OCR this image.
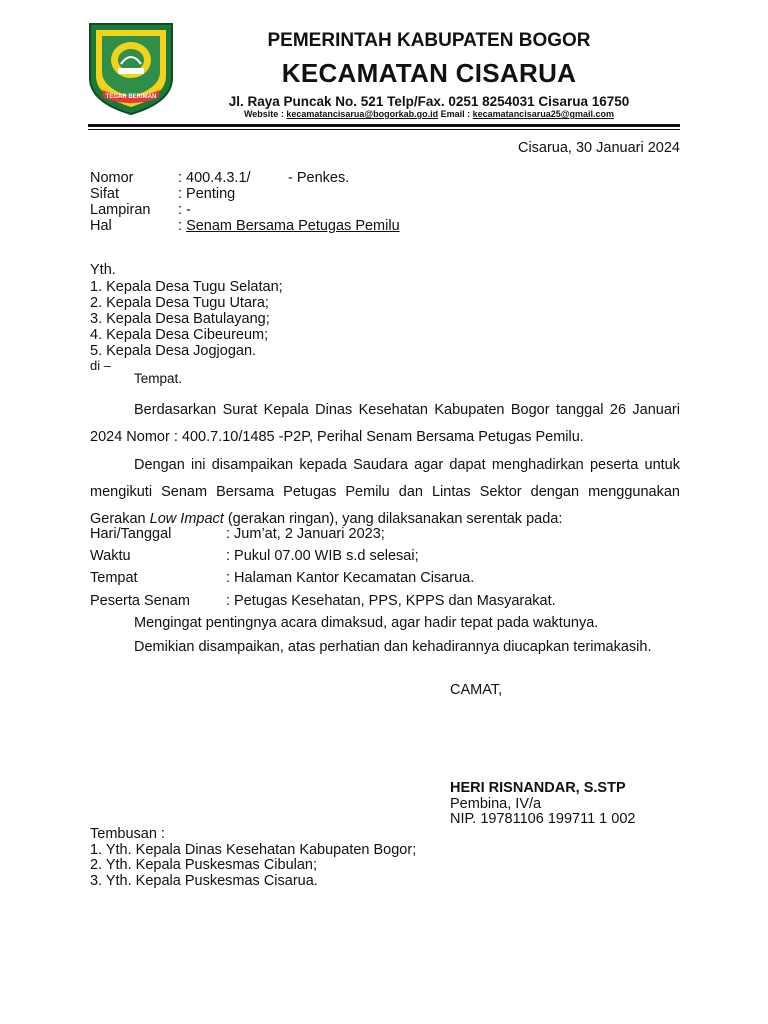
TEGAR BERIMAN
PEMERINTAH KABUPATEN BOGOR
KECAMATAN CISARUA
Jl. Raya Puncak No. 521 Telp/Fax. 0251 8254031 Cisarua 16750
Website : kecamatancisarua@bogorkab.go.id Email : kecamatancisarua25@gmail.com
Cisarua, 30 Januari 2024
Nomor	: 400.4.3.1/	- Penkes.
Sifat	: Penting
Lampiran : -
Hal	: Senam Bersama Petugas Pemilu
Yth.
1. Kepala Desa Tugu Selatan;
2. Kepala Desa Tugu Utara;
3. Kepala Desa Batulayang;
4. Kepala Desa Cibeureum;
5. Kepala Desa Jogjogan.
di –
Tempat.
Berdasarkan Surat Kepala Dinas Kesehatan Kabupaten Bogor tanggal 26 Januari 2024 Nomor : 400.7.10/1485 -P2P, Perihal Senam Bersama Petugas Pemilu.
Dengan ini disampaikan kepada Saudara agar dapat menghadirkan peserta untuk mengikuti Senam Bersama Petugas Pemilu dan Lintas Sektor dengan menggunakan Gerakan Low Impact (gerakan ringan), yang dilaksanakan serentak pada:
Hari/Tanggal	: Jum’at, 2 Januari 2023;
Waktu	: Pukul 07.00 WIB s.d selesai;
Tempat	: Halaman Kantor Kecamatan Cisarua.
Peserta Senam : Petugas Kesehatan, PPS, KPPS dan Masyarakat.
Mengingat pentingnya acara dimaksud, agar hadir tepat pada waktunya.
Demikian disampaikan, atas perhatian dan kehadirannya diucapkan terimakasih.
CAMAT,
HERI RISNANDAR, S.STP
Pembina, IV/a
NIP. 19781106 199711 1 002
Tembusan :
1. Yth. Kepala Dinas Kesehatan Kabupaten Bogor;
2. Yth. Kepala Puskesmas Cibulan;
3. Yth. Kepala Puskesmas Cisarua.
